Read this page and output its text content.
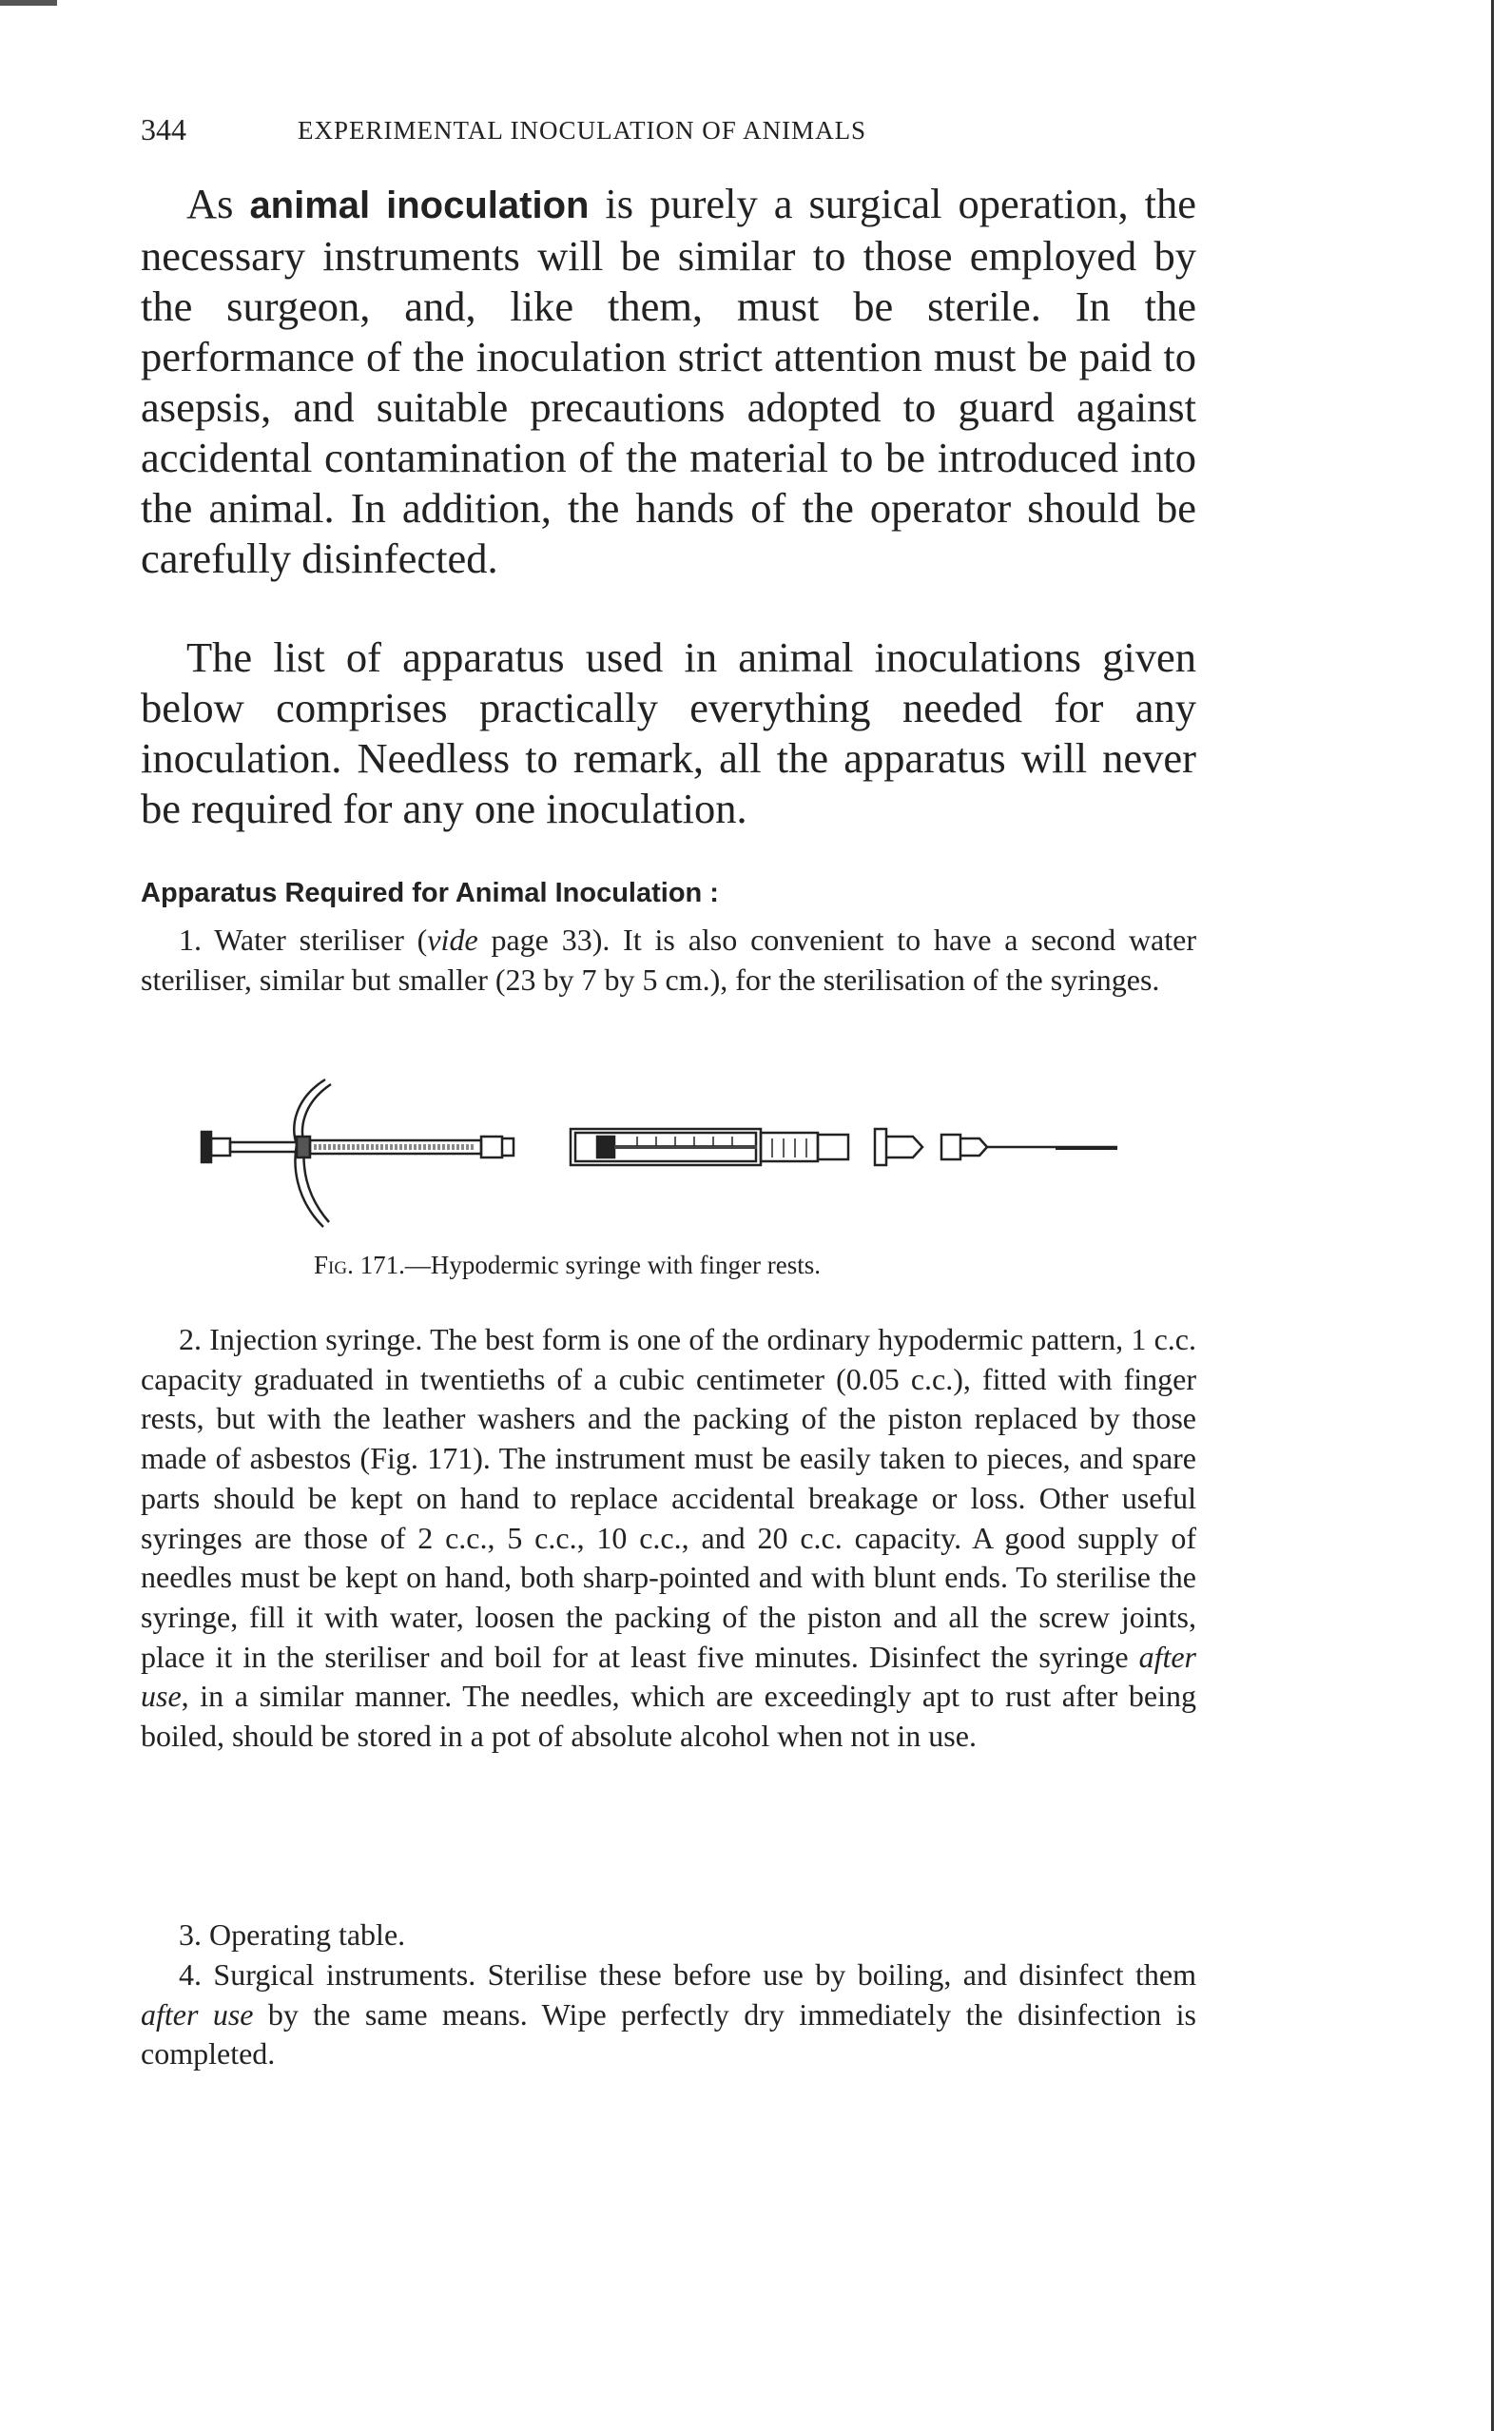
344	EXPERIMENTAL INOCULATION OF ANIMALS

As animal inoculation is purely a surgical operation, the necessary instruments will be similar to those employed by the surgeon, and, like them, must be sterile. In the performance of the inoculation strict attention must be paid to asepsis, and suitable precautions adopted to guard against accidental contamination of the material to be introduced into the animal. In addition, the hands of the operator should be carefully disinfected.

The list of apparatus used in animal inoculations given below comprises practically everything needed for any inoculation. Needless to remark, all the apparatus will never be required for any one inoculation.

Apparatus Required for Animal Inoculation :

1. Water steriliser (vide page 33). It is also convenient to have a second water steriliser, similar but smaller (23 by 7 by 5 cm.), for the sterilisation of the syringes.

Fig. 171.—Hypodermic syringe with finger rests.

2. Injection syringe. The best form is one of the ordinary hypodermic pattern, 1 c.c. capacity graduated in twentieths of a cubic centimeter (0.05 c.c.), fitted with finger rests, but with the leather washers and the packing of the piston replaced by those made of asbestos (Fig. 171). The instrument must be easily taken to pieces, and spare parts should be kept on hand to replace accidental breakage or loss. Other useful syringes are those of 2 c.c., 5 c.c., 10 c.c., and 20 c.c. capacity. A good supply of needles must be kept on hand, both sharp-pointed and with blunt ends. To sterilise the syringe, fill it with water, loosen the packing of the piston and all the screw joints, place it in the steriliser and boil for at least five minutes. Disinfect the syringe after use, in a similar manner. The needles, which are exceedingly apt to rust after being boiled, should be stored in a pot of absolute alcohol when not in use.

3. Operating table.

4. Surgical instruments. Sterilise these before use by boiling, and disinfect them after use by the same means. Wipe perfectly dry immediately the disinfection is completed.
